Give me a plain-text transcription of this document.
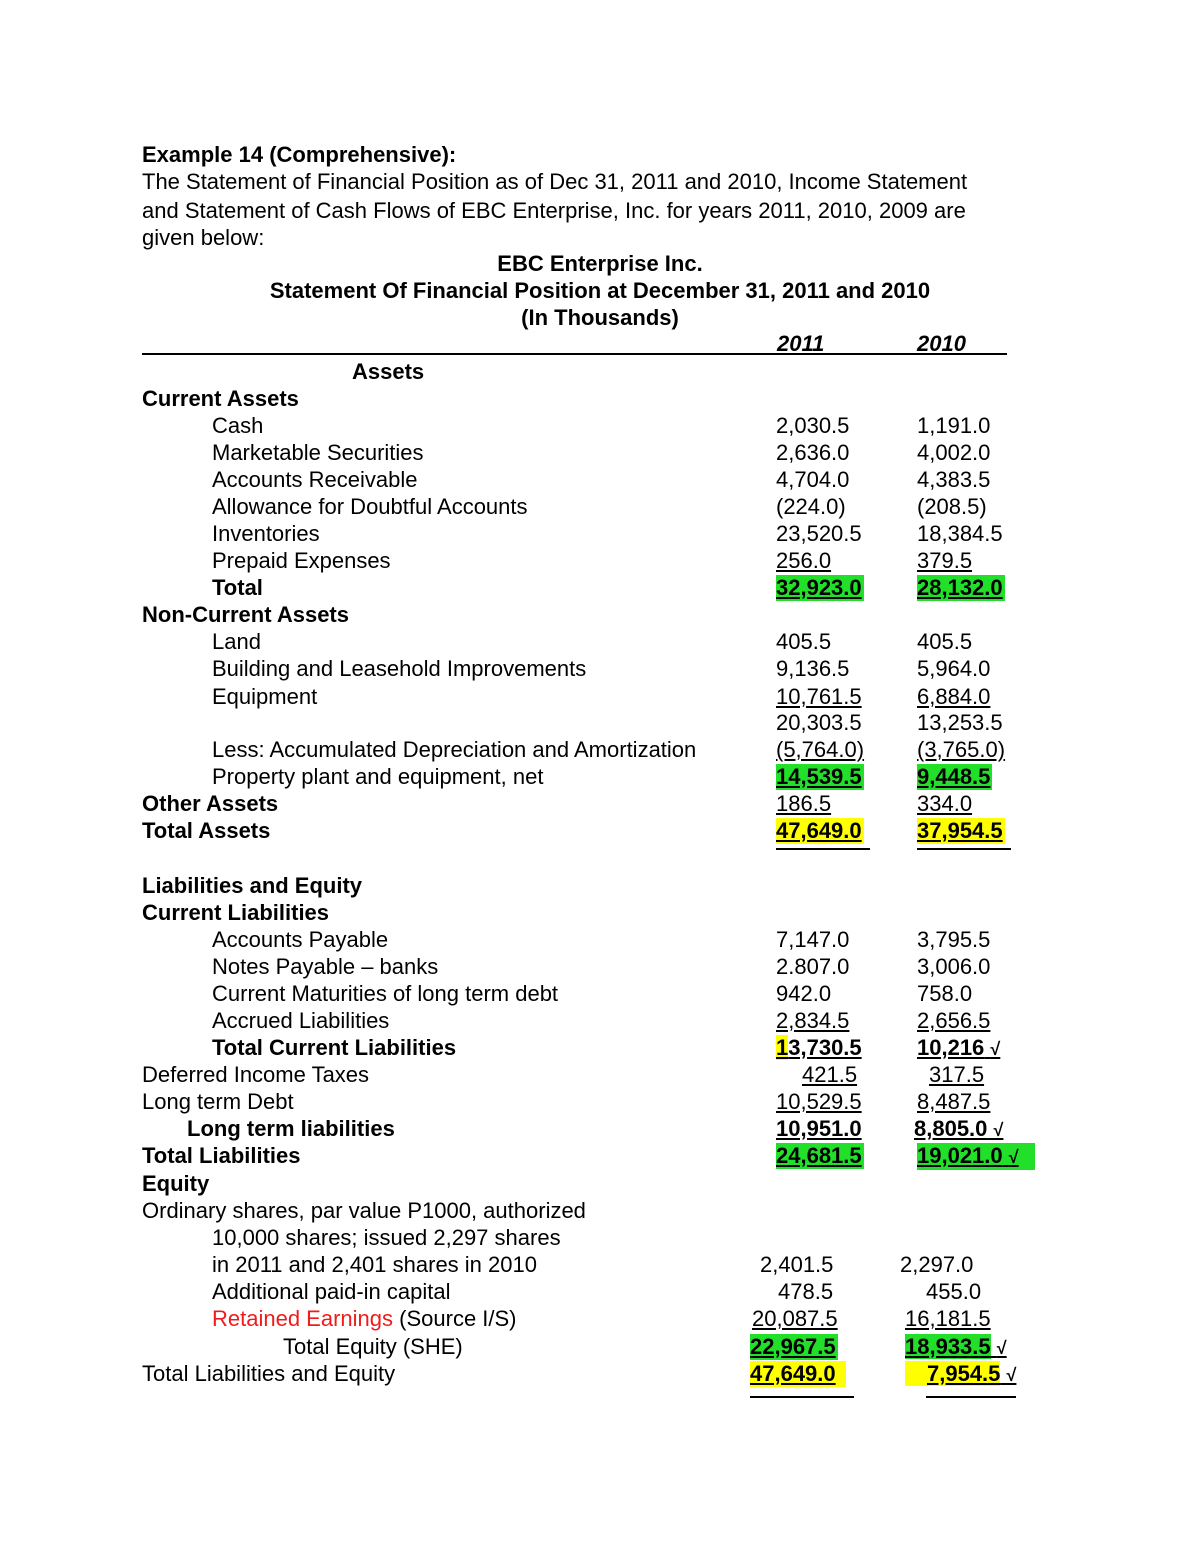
Example 14 (Comprehensive):
The Statement of Financial Position as of Dec 31, 2011 and 2010, Income Statement
and Statement of Cash Flows of EBC Enterprise, Inc. for years 2011, 2010, 2009 are
given below:
EBC Enterprise Inc.
Statement Of Financial Position at December 31, 2011 and 2010
(In Thousands)
2011	2010
Assets
Current Assets
Cash	2,030.5	1,191.0
Marketable Securities	2,636.0	4,002.0
Accounts Receivable	4,704.0	4,383.5
Allowance for Doubtful Accounts	(224.0)	(208.5)
Inventories	23,520.5	18,384.5
Prepaid Expenses	256.0	379.5
Total	32,923.0	28,132.0
Non-Current Assets
Land	405.5	405.5
Building and Leasehold Improvements	9,136.5	5,964.0
Equipment	10,761.5	6,884.0
20,303.5	13,253.5
Less: Accumulated Depreciation and Amortization	(5,764.0) (3,765.0)
Property plant and equipment, net	14,539.5	9,448.5
Other Assets	186.5	334.0
Total Assets	47,649.0	37,954.5
Liabilities and Equity
Current Liabilities
Accounts Payable	7,147.0	3,795.5
Notes Payable – banks	2.807.0	3,006.0
Current Maturities of long term debt	942.0	758.0
Accrued Liabilities	2,834.5	2,656.5
Total Current Liabilities	13,730.5	10,216 √
Deferred Income Taxes	421.5	317.5
Long term Debt	10,529.5	8,487.5
Long term liabilities	10,951.0 8,805.0 √
Total Liabilities	24,681.5	19,021.0 √
Equity
Ordinary shares, par value P1000, authorized
10,000 shares; issued 2,297 shares
in 2011 and 2,401 shares in 2010	2,401.5	2,297.0
Additional paid-in capital	478.5	455.0
Retained Earnings (Source I/S)	20,087.5	16,181.5
Total Equity (SHE)	22,967.5	18,933.5 √
Total Liabilities and Equity	47,649.0	7,954.5 √
